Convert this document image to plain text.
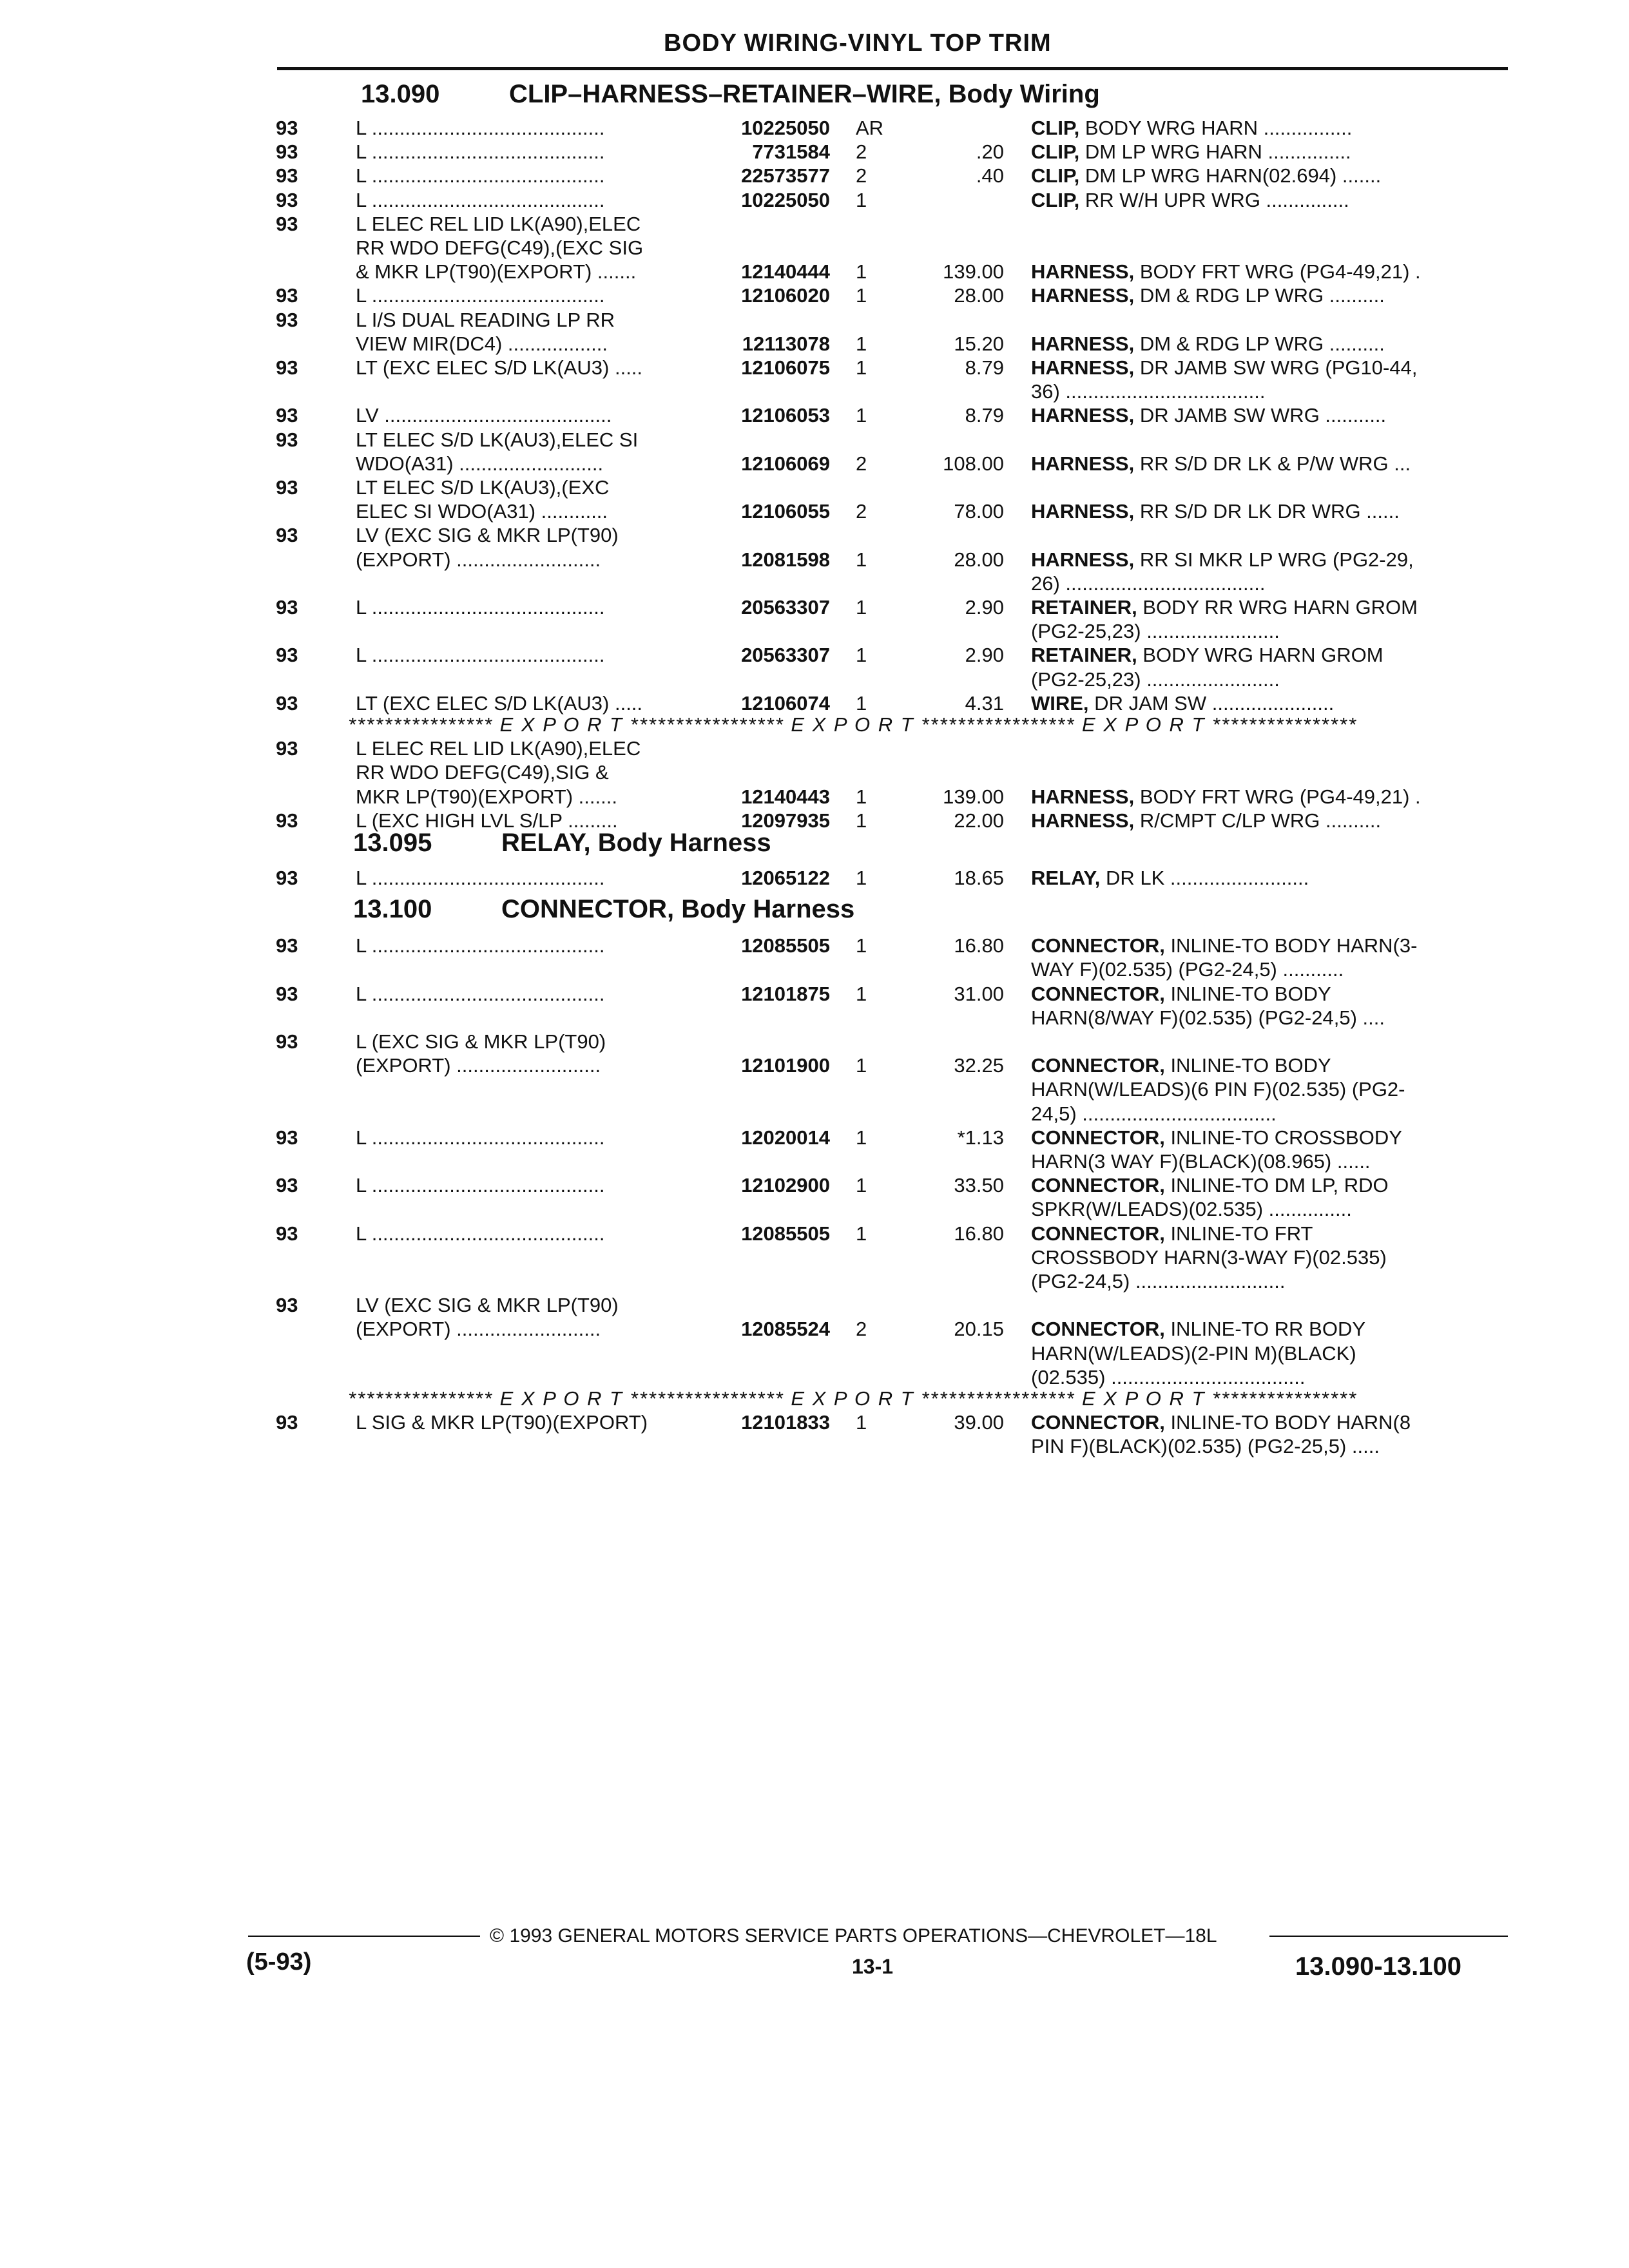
BODY WIRING-VINYL TOP TRIM
13.090	CLIP–HARNESS–RETAINER–WIRE, Body Wiring
93	L ..........................................	10225050 AR	CLIP, BODY WRG HARN ................
93	L ..........................................	7731584 2	.20 CLIP, DM LP WRG HARN ...............
93	L ..........................................	22573577 2	.40 CLIP, DM LP WRG HARN(02.694) .......
93	L ..........................................	10225050 1	CLIP, RR W/H UPR WRG ...............
93	L ELEC REL LID LK(A90),ELEC
RR WDO DEFG(C49),(EXC SIG
& MKR LP(T90)(EXPORT) .......	12140444 1	139.00 HARNESS, BODY FRT WRG (PG4-49,21) .
93	L ..........................................	12106020 1	28.00 HARNESS, DM & RDG LP WRG ..........
93	L I/S DUAL READING LP RR
VIEW MIR(DC4) ..................	12113078 1	15.20 HARNESS, DM & RDG LP WRG ..........
93	LT (EXC ELEC S/D LK(AU3) .....	12106075 1	8.79 HARNESS, DR JAMB SW WRG (PG10-44,
36) ....................................
93	LV .........................................	12106053 1	8.79 HARNESS, DR JAMB SW WRG ...........
93	LT ELEC S/D LK(AU3),ELEC SI
WDO(A31) ..........................	12106069 2	108.00 HARNESS, RR S/D DR LK & P/W WRG ...
93	LT ELEC S/D LK(AU3),(EXC
ELEC SI WDO(A31) ............	12106055 2	78.00 HARNESS, RR S/D DR LK DR WRG ......
93	LV (EXC SIG & MKR LP(T90)
(EXPORT) ..........................	12081598 1	28.00 HARNESS, RR SI MKR LP WRG (PG2-29,
26) ....................................
93	L ..........................................	20563307 1	2.90 RETAINER, BODY RR WRG HARN GROM
(PG2-25,23) ........................
93	L ..........................................	20563307 1	2.90 RETAINER, BODY WRG HARN GROM
(PG2-25,23) ........................
93	LT (EXC ELEC S/D LK(AU3) .....	12106074 1	4.31 WIRE, DR JAM SW ......................
**************** E X P O R T ***************** E X P O R T ***************** E X P O R T ****************
93	L ELEC REL LID LK(A90),ELEC
RR WDO DEFG(C49),SIG &
MKR LP(T90)(EXPORT) .......	12140443 1	139.00 HARNESS, BODY FRT WRG (PG4-49,21) .
93	L (EXC HIGH LVL S/LP .........	12097935 1	22.00 HARNESS, R/CMPT C/LP WRG ..........
13.095	RELAY, Body Harness
93	L ..........................................	12065122 1	18.65 RELAY, DR LK .........................
13.100	CONNECTOR, Body Harness
93	L ..........................................	12085505 1	16.80 CONNECTOR, INLINE-TO BODY HARN(3-
WAY F)(02.535) (PG2-24,5) ...........
93	L ..........................................	12101875 1	31.00 CONNECTOR, INLINE-TO BODY
HARN(8/WAY F)(02.535) (PG2-24,5) ....
93	L (EXC SIG & MKR LP(T90)
(EXPORT) ..........................	12101900 1	32.25 CONNECTOR, INLINE-TO BODY
HARN(W/LEADS)(6 PIN F)(02.535) (PG2-
24,5) ...................................
93	L ..........................................	12020014 1	*1.13 CONNECTOR, INLINE-TO CROSSBODY
HARN(3 WAY F)(BLACK)(08.965) ......
93	L ..........................................	12102900 1	33.50 CONNECTOR, INLINE-TO DM LP, RDO
SPKR(W/LEADS)(02.535) ...............
93	L ..........................................	12085505 1	16.80 CONNECTOR, INLINE-TO FRT
CROSSBODY HARN(3-WAY F)(02.535)
(PG2-24,5) ...........................
93	LV (EXC SIG & MKR LP(T90)
(EXPORT) ..........................	12085524 2	20.15 CONNECTOR, INLINE-TO RR BODY
HARN(W/LEADS)(2-PIN M)(BLACK)
(02.535) ...................................
**************** E X P O R T ***************** E X P O R T ***************** E X P O R T ****************
93	L SIG & MKR LP(T90)(EXPORT)	12101833 1	39.00 CONNECTOR, INLINE-TO BODY HARN(8
PIN F)(BLACK)(02.535) (PG2-25,5) .....
(5-93)
© 1993 GENERAL MOTORS SERVICE PARTS OPERATIONS—CHEVROLET—18L
13-1	13.090-13.100
